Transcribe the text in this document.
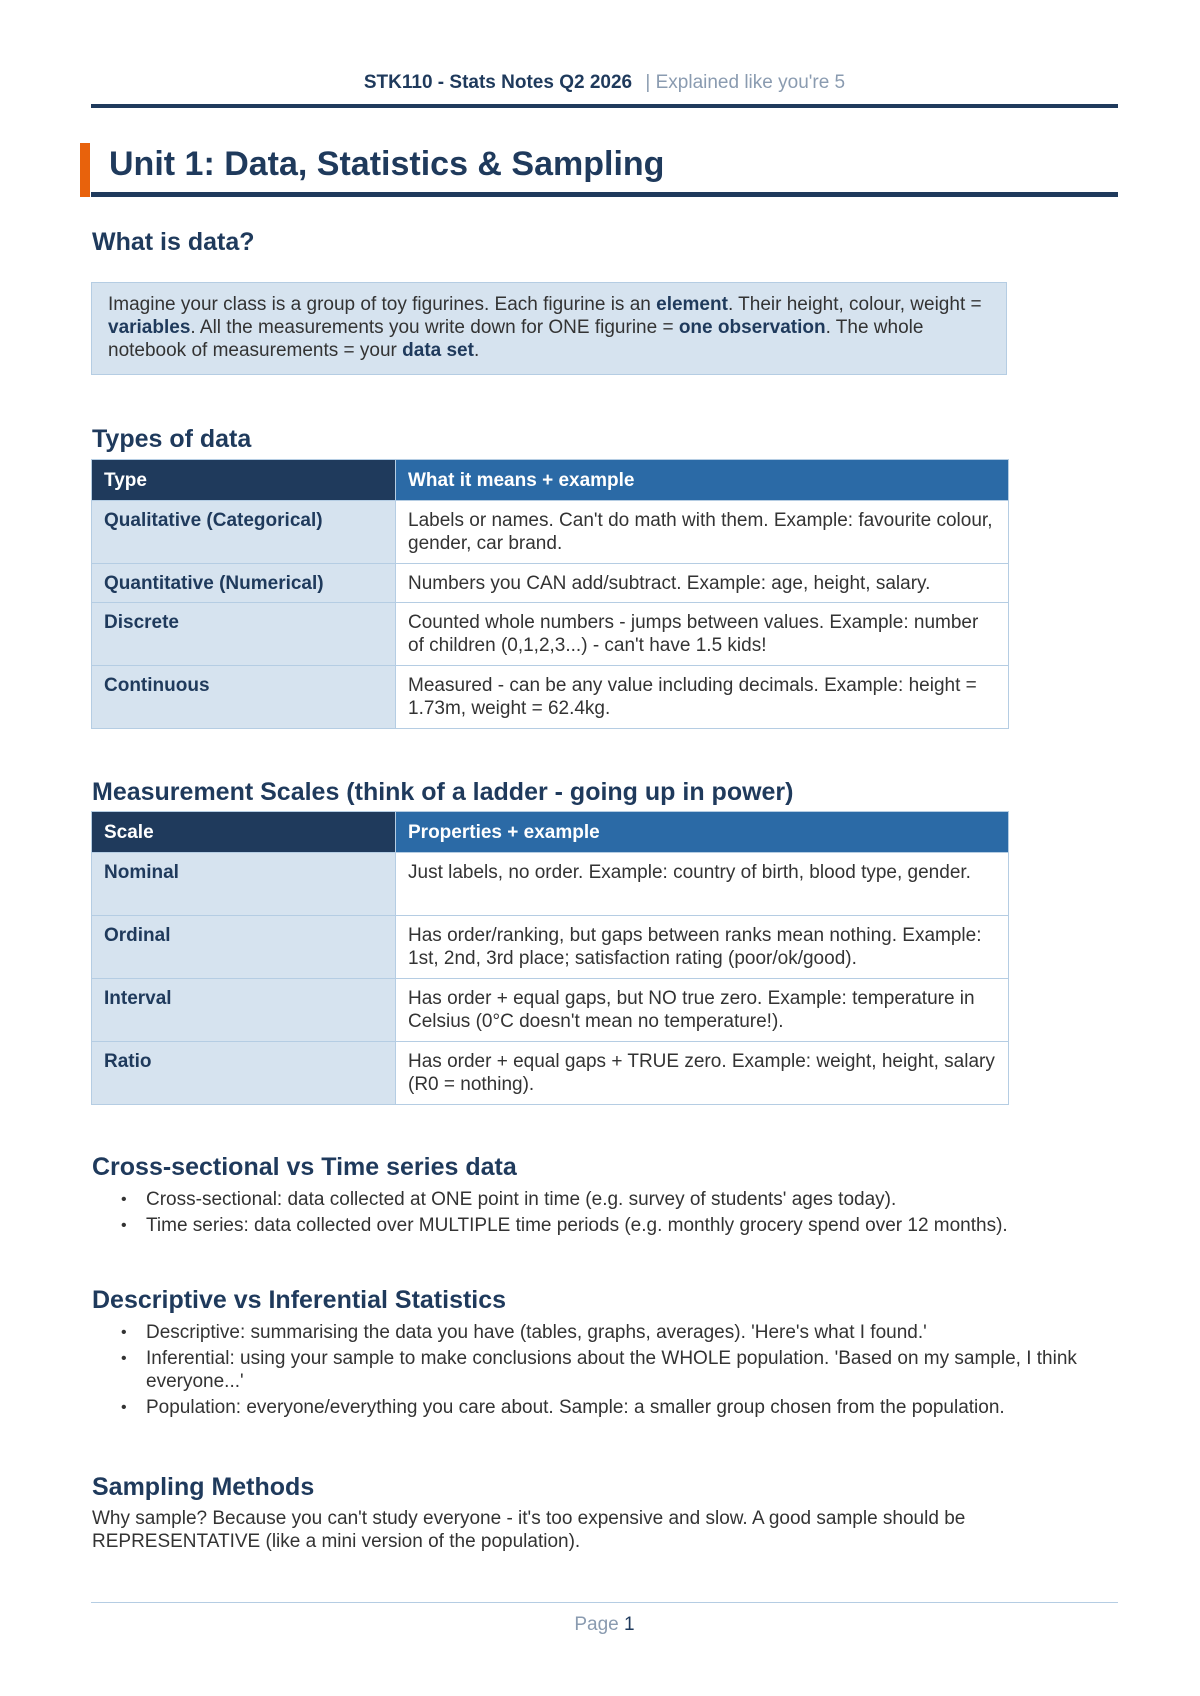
STK110 - Stats Notes Q2 2026 | Explained like you're 5
Unit 1: Data, Statistics & Sampling
What is data?
Imagine your class is a group of toy figurines. Each figurine is an element. Their height, colour, weight = variables. All the measurements you write down for ONE figurine = one observation. The whole notebook of measurements = your data set.
Types of data
Type	What it means + example
Qualitative (Categorical)	Labels or names. Can't do math with them. Example: favourite colour, gender, car brand.
Quantitative (Numerical)	Numbers you CAN add/subtract. Example: age, height, salary.
Discrete	Counted whole numbers - jumps between values. Example: number of children (0,1,2,3...) - can't have 1.5 kids!
Continuous	Measured - can be any value including decimals. Example: height = 1.73m, weight = 62.4kg.
Measurement Scales (think of a ladder - going up in power)
Scale	Properties + example
Nominal	Just labels, no order. Example: country of birth, blood type, gender.
Ordinal	Has order/ranking, but gaps between ranks mean nothing. Example: 1st, 2nd, 3rd place; satisfaction rating (poor/ok/good).
Interval	Has order + equal gaps, but NO true zero. Example: temperature in Celsius (0°C doesn't mean no temperature!).
Ratio	Has order + equal gaps + TRUE zero. Example: weight, height, salary (R0 = nothing).
Cross-sectional vs Time series data
• Cross-sectional: data collected at ONE point in time (e.g. survey of students' ages today).
• Time series: data collected over MULTIPLE time periods (e.g. monthly grocery spend over 12 months).
Descriptive vs Inferential Statistics
• Descriptive: summarising the data you have (tables, graphs, averages). 'Here's what I found.'
• Inferential: using your sample to make conclusions about the WHOLE population. 'Based on my sample, I think everyone...'
• Population: everyone/everything you care about. Sample: a smaller group chosen from the population.
Sampling Methods

Why sample? Because you can't study everyone - it's too expensive and slow. A good sample should be REPRESENTATIVE (like a mini version of the population).

Page 1
